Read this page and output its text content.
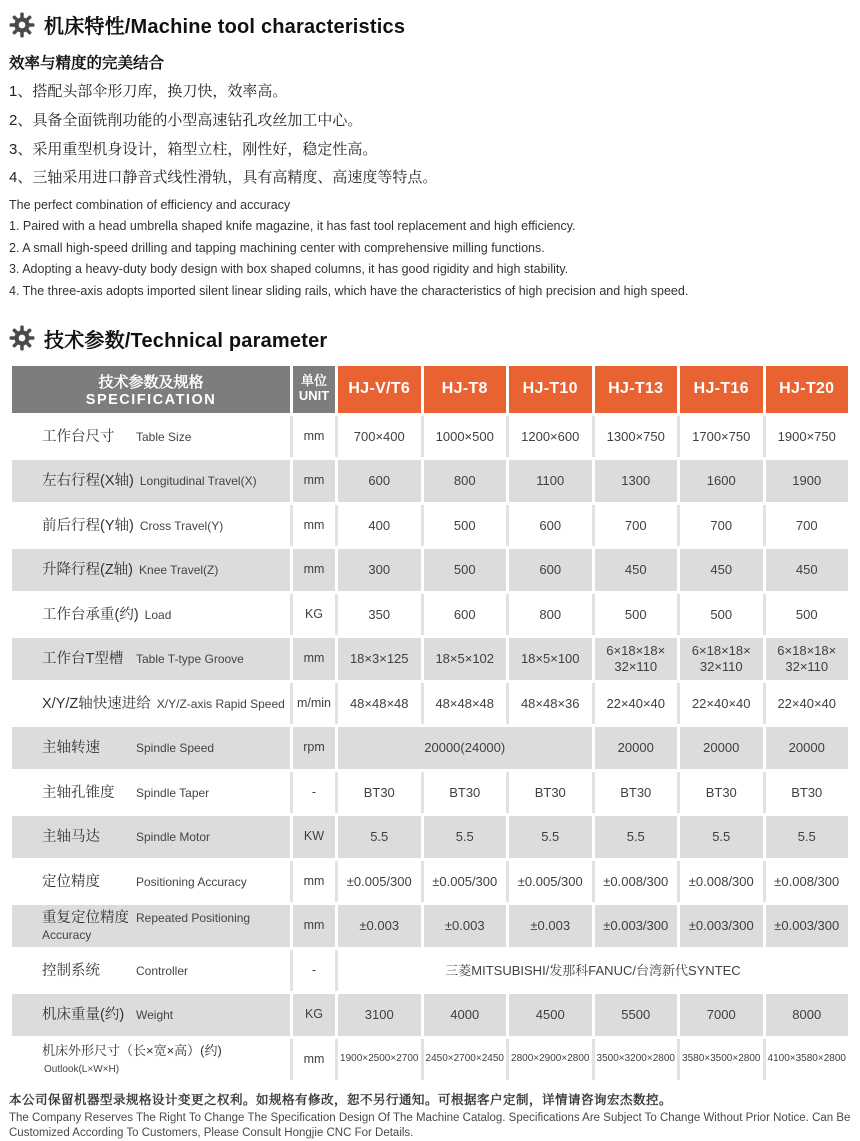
机床特性/Machine tool characteristics
效率与精度的完美结合

1、搭配头部伞形刀库，换刀快，效率高。

2、具备全面铣削功能的小型高速钻孔攻丝加工中心。

3、采用重型机身设计，箱型立柱，刚性好，稳定性高。

4、三轴采用进口静音式线性滑轨，具有高精度、高速度等特点。

The perfect combination of efficiency and accuracy

1. Paired with a head umbrella shaped knife magazine, it has fast tool replacement and high efficiency.

2. A small high-speed drilling and tapping machining center with comprehensive milling functions.

3. Adopting a heavy-duty body design with box shaped columns, it has good rigidity and high stability.

4. The three-axis adopts imported silent linear sliding rails, which have the characteristics of high precision and high speed.

技术参数/Technical parameter
技术参数及规格
SPECIFICATION

单位
UNIT	HJ-V/T6	HJ-T8	HJ-T10	HJ-T13	HJ-T16	HJ-T20
工作台尺寸 Table Size	mm	700×400	1000×500	1200×600	1300×750	1700×750	1900×750
左右行程(X轴) Longitudinal Travel(X)	mm	600	800	1100	1300	1600	1900
前后行程(Y轴) Cross Travel(Y)	mm	400	500	600	700	700	700
升降行程(Z轴) Knee Travel(Z)	mm	300	500	600	450	450	450
工作台承重(约) Load	KG	350	600	800	500	500	500
工作台T型槽 Table T-type Groove	mm	18×3×125	18×5×102	18×5×100	6×18×18× 32×110	6×18×18× 32×110	6×18×18× 32×110
X/Y/Z轴快速进给 X/Y/Z-axis Rapid Speed	m/min	48×48×48	48×48×48	48×48×36	22×40×40	22×40×40	22×40×40
主轴转速 Spindle Speed	rpm	20000(24000)			20000	20000	20000
主轴孔锥度 Spindle Taper	-	BT30	BT30	BT30	BT30	BT30	BT30
主轴马达 Spindle Motor	KW	5.5	5.5	5.5	5.5	5.5	5.5
定位精度 Positioning Accuracy	mm	±0.005/300	±0.005/300	±0.005/300	±0.008/300	±0.008/300	±0.008/300
重复定位精度 Repeated Positioning Accuracy	mm	±0.003	±0.003	±0.003	±0.003/300	±0.003/300	±0.003/300
控制系统 Controller	-	三菱MITSUBISHI/发那科FANUC/台湾新代SYNTEC					
机床重量(约) Weight	KG	3100	4000	4500	5500	7000	8000
机床外形尺寸（长×宽×高）(约)Outlook(L×W×H)	mm	1900×2500×2700	2450×2700×2450	2800×2900×2800	3500×3200×2800	3580×3500×2800	4100×3580×2800

本公司保留机器型录规格设计变更之权利。如规格有修改，恕不另行通知。可根据客户定制，详情请咨询宏杰数控。

The Company Reserves The Right To Change The Specification Design Of The Machine Catalog. Specifications Are Subject To Change Without Prior Notice. Can Be Customized According To Customers, Please Consult Hongjie CNC For Details.
